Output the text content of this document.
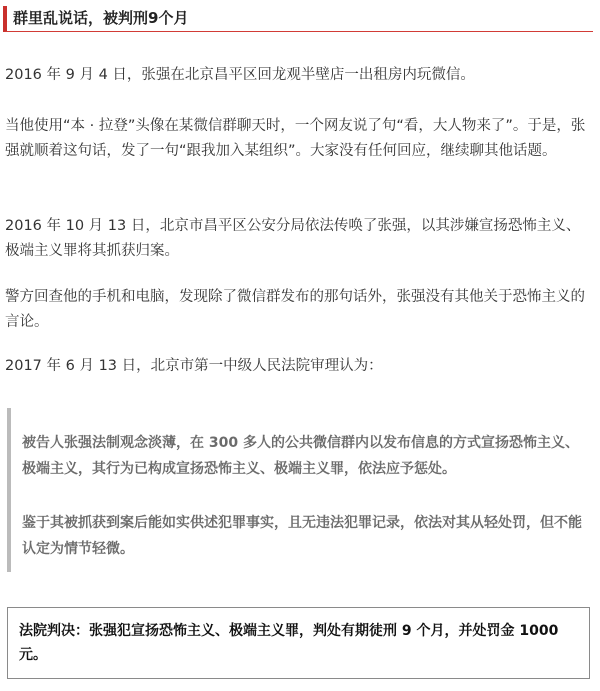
群里乱说话，被判刑9个月

2016 年 9 月 4 日，张强在北京昌平区回龙观半壁店一出租房内玩微信。

当他使用“本 · 拉登”头像在某微信群聊天时，一个网友说了句“看，大人物来了”。于是，张强就顺着这句话，发了一句“跟我加入某组织”。大家没有任何回应，继续聊其他话题。

2016 年 10 月 13 日，北京市昌平区公安分局依法传唤了张强，以其涉嫌宣扬恐怖主义、极端主义罪将其抓获归案。

警方回查他的手机和电脑，发现除了微信群发布的那句话外，张强没有其他关于恐怖主义的言论。

2017 年 6 月 13 日，北京市第一中级人民法院审理认为：

被告人张强法制观念淡薄，在 300 多人的公共微信群内以发布信息的方式宣扬恐怖主义、极端主义，其行为已构成宣扬恐怖主义、极端主义罪，依法应予惩处。

鉴于其被抓获到案后能如实供述犯罪事实，且无违法犯罪记录，依法对其从轻处罚，但不能认定为情节轻微。

法院判决：张强犯宣扬恐怖主义、极端主义罪，判处有期徒刑 9 个月，并处罚金 1000 元。
